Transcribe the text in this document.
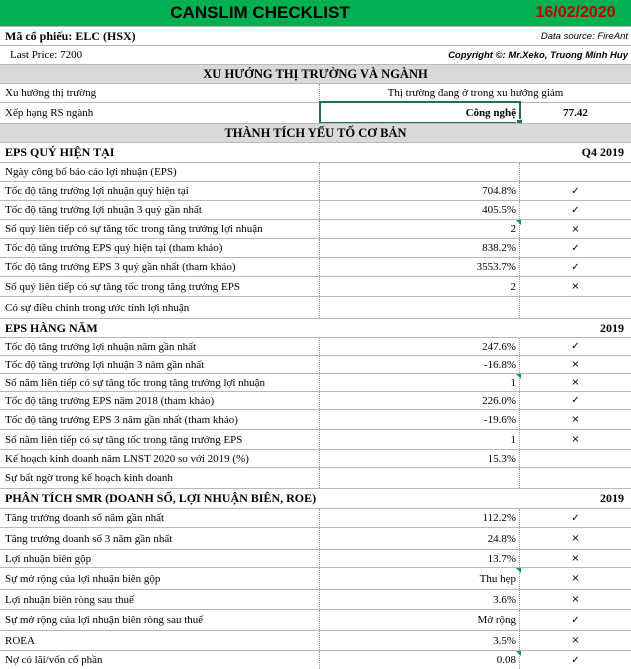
CANSLIM CHECKLIST	16/02/2020
Mã cổ phiếu: ELC (HSX)	Data source: FireAnt
Last Price: 7200	Copyright ©: Mr.Xeko, Truong Minh Huy
XU HƯỚNG THỊ TRƯỜNG VÀ NGÀNH
Xu hướng thị trường	Thị trường đang ở trong xu hướng giảm
Xếp hạng RS ngành	Công nghệ	77.42
THÀNH TÍCH YẾU TỐ CƠ BẢN
EPS QUÝ HIỆN TẠI	Q4 2019
Ngày công bố báo cáo lợi nhuận (EPS)
Tốc độ tăng trưởng lợi nhuận quý hiện tại	704.8%	✓
Tốc độ tăng trưởng lợi nhuận 3 quý gần nhất	405.5%	✓
Số quý liên tiếp có sự tăng tốc trong tăng trưởng lợi nhuận	2	×
Tốc độ tăng trưởng EPS quý hiện tại (tham khảo)	838.2%	✓
Tốc độ tăng trưởng EPS 3 quý gần nhất (tham khảo)	3553.7%	✓
Số quý liên tiếp có sự tăng tốc trong tăng trưởng EPS	2	×
Có sự điều chỉnh trong ước tính lợi nhuận
EPS HÀNG NĂM	2019
Tốc độ tăng trưởng lợi nhuận năm gần nhất	247.6%	✓
Tốc độ tăng trưởng lợi nhuận 3 năm gần nhất	-16.8%	×
Số năm liên tiếp có sự tăng tốc trong tăng trưởng lợi nhuận	1	×
Tốc độ tăng trưởng EPS năm 2018 (tham khảo)	226.0%	✓
Tốc độ tăng trưởng EPS 3 năm gần nhất (tham khảo)	-19.6%	×
Số năm liên tiếp có sự tăng tốc trong tăng trưởng EPS	1	×
Kế hoạch kinh doanh năm LNST 2020 so với 2019 (%)	15.3%
Sự bất ngờ trong kế hoạch kinh doanh
PHÂN TÍCH SMR (DOANH SỐ, LỢI NHUẬN BIÊN, ROE)	2019
Tăng trưởng doanh số năm gần nhất	112.2%	✓
Tăng trưởng doanh số 3 năm gần nhất	24.8%	×
Lợi nhuận biên gộp	13.7%	×
Sự mở rộng của lợi nhuận biên gộp	Thu hẹp	×
Lợi nhuận biên ròng sau thuế	3.6%	×
Sự mở rộng của lợi nhuận biên ròng sau thuế	Mở rộng	✓
ROEA	3.5%	×
Nợ có lãi/vốn cổ phần	0.08	✓
